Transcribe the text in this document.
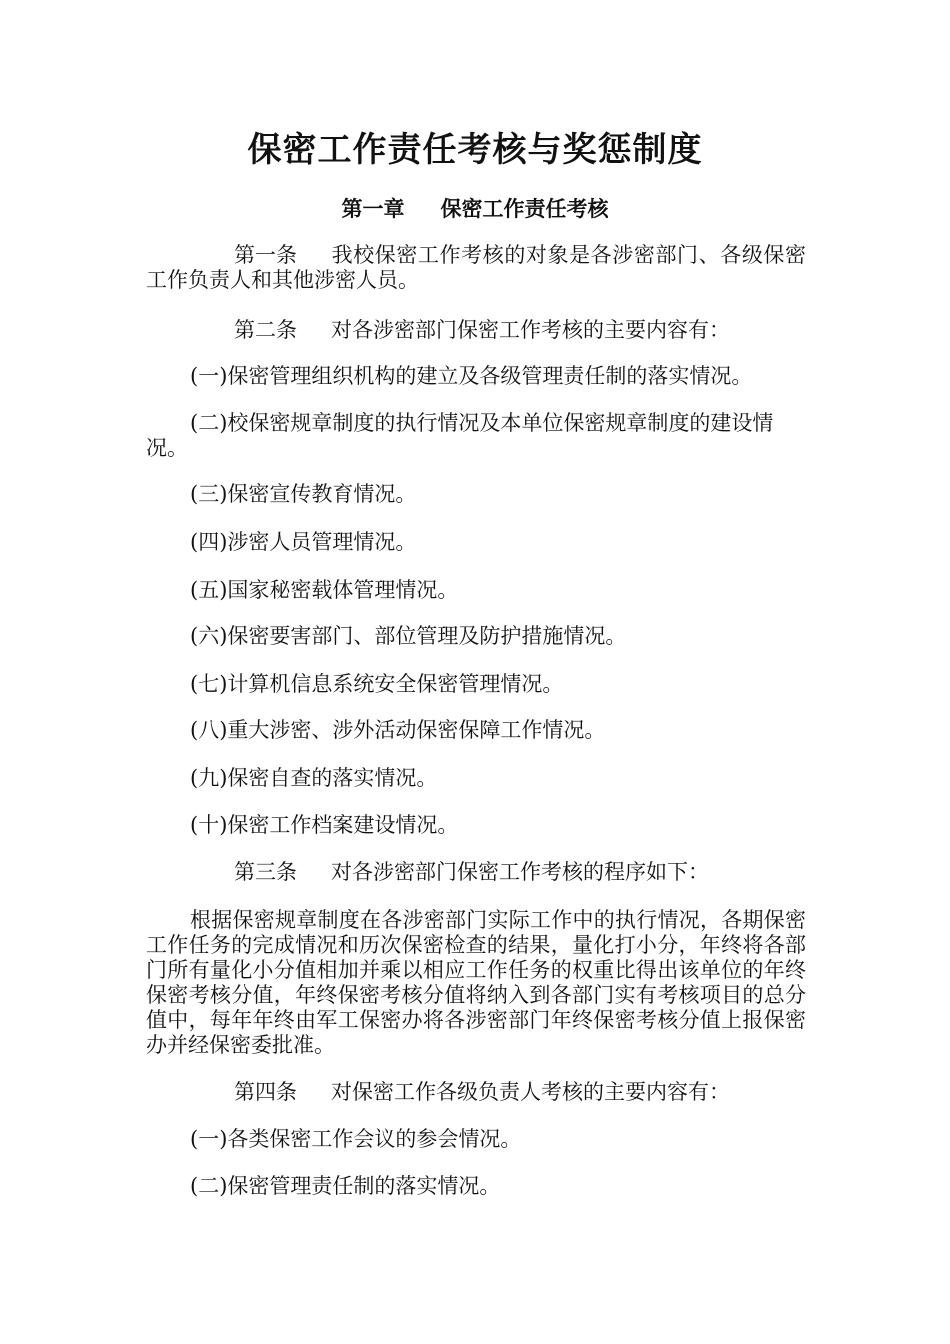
保密工作责任考核与奖惩制度
第一章 保密工作责任考核
第一条 我校保密工作考核的对象是各涉密部门、各级保密工作负责人和其他涉密人员。
第二条 对各涉密部门保密工作考核的主要内容有：
(一)保密管理组织机构的建立及各级管理责任制的落实情况。
(二)校保密规章制度的执行情况及本单位保密规章制度的建设情况。
(三)保密宣传教育情况。
(四)涉密人员管理情况。
(五)国家秘密载体管理情况。
(六)保密要害部门、部位管理及防护措施情况。
(七)计算机信息系统安全保密管理情况。
(八)重大涉密、涉外活动保密保障工作情况。
(九)保密自查的落实情况。
(十)保密工作档案建设情况。
第三条 对各涉密部门保密工作考核的程序如下：
根据保密规章制度在各涉密部门实际工作中的执行情况，各期保密工作任务的完成情况和历次保密检查的结果，量化打小分，年终将各部门所有量化小分值相加并乘以相应工作任务的权重比得出该单位的年终保密考核分值，年终保密考核分值将纳入到各部门实有考核项目的总分值中，每年年终由军工保密办将各涉密部门年终保密考核分值上报保密办并经保密委批准。
第四条 对保密工作各级负责人考核的主要内容有：
(一)各类保密工作会议的参会情况。
(二)保密管理责任制的落实情况。
